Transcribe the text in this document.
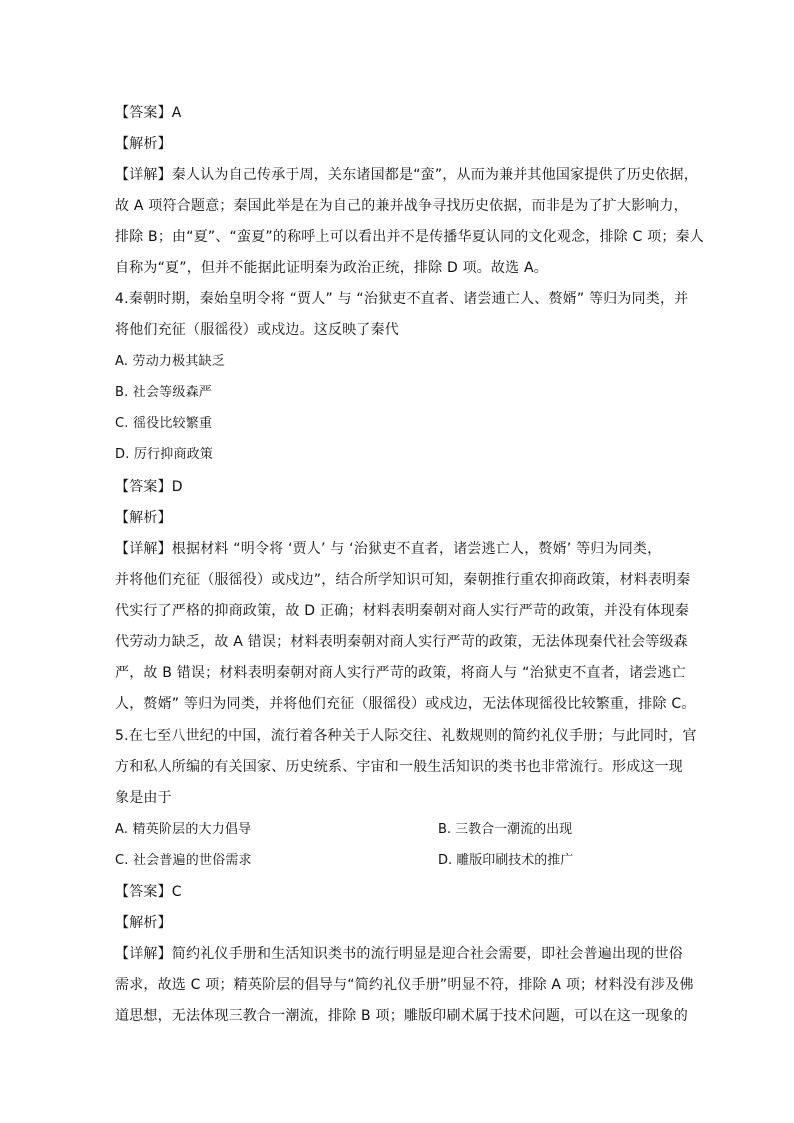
【答案】A
【解析】
【详解】秦人认为自己传承于周，关东诸国都是“蛮”，从而为兼并其他国家提供了历史依据，
故 A 项符合题意；秦国此举是在为自己的兼并战争寻找历史依据，而非是为了扩大影响力，
排除 B；由“夏”、“蛮夏”的称呼上可以看出并不是传播华夏认同的文化观念，排除 C 项；秦人
自称为“夏”，但并不能据此证明秦为政治正统，排除 D 项。故选 A。
4.秦朝时期，秦始皇明令将 “贾人” 与 “治狱吏不直者、诸尝逋亡人、赘婿” 等归为同类，并
将他们充征（服徭役）或戍边。这反映了秦代
A. 劳动力极其缺乏
B. 社会等级森严
C. 徭役比较繁重
D. 厉行抑商政策
【答案】D
【解析】
【详解】根据材料 “明令将 ‘贾人’ 与 ‘治狱吏不直者，诸尝逃亡人，赘婿’ 等归为同类，
并将他们充征（服徭役）或戍边”，结合所学知识可知，秦朝推行重农抑商政策，材料表明秦
代实行了严格的抑商政策，故 D 正确；材料表明秦朝对商人实行严苛的政策，并没有体现秦
代劳动力缺乏，故 A 错误；材料表明秦朝对商人实行严苛的政策，无法体现秦代社会等级森
严，故 B 错误；材料表明秦朝对商人实行严苛的政策，将商人与 “治狱吏不直者，诸尝逃亡
人，赘婿” 等归为同类，并将他们充征（服徭役）或戍边，无法体现徭役比较繁重，排除 C。
5.在七至八世纪的中国，流行着各种关于人际交往、礼数规则的简约礼仪手册；与此同时，官
方和私人所编的有关国家、历史统系、宇宙和一般生活知识的类书也非常流行。形成这一现
象是由于
A. 精英阶层的大力倡导	B. 三教合一潮流的出现
C. 社会普遍的世俗需求	D. 雕版印刷技术的推广
【答案】C
【解析】
【详解】简约礼仪手册和生活知识类书的流行明显是迎合社会需要，即社会普遍出现的世俗
需求，故选 C 项；精英阶层的倡导与“简约礼仪手册”明显不符，排除 A 项；材料没有涉及佛
道思想，无法体现三教合一潮流，排除 B 项；雕版印刷术属于技术问题，可以在这一现象的
